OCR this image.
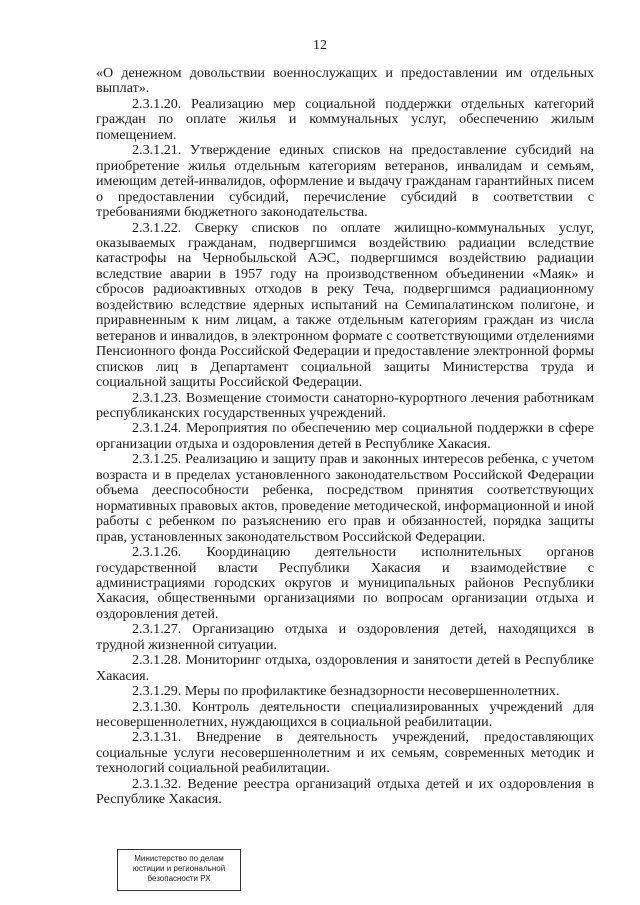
12

«О денежном довольствии военнослужащих и предоставлении им отдельных выплат».

2.3.1.20. Реализацию мер социальной поддержки отдельных категорий граждан по оплате жилья и коммунальных услуг, обеспечению жилым помещением.

2.3.1.21. Утверждение единых списков на предоставление субсидий на приобретение жилья отдельным категориям ветеранов, инвалидам и семьям, имеющим детей-инвалидов, оформление и выдачу гражданам гарантийных писем о предоставлении субсидий, перечисление субсидий в соответствии с требованиями бюджетного законодательства.

2.3.1.22. Сверку списков по оплате жилищно-коммунальных услуг, оказываемых гражданам, подвергшимся воздействию радиации вследствие катастрофы на Чернобыльской АЭС, подвергшимся воздействию радиации вследствие аварии в 1957 году на производственном объединении «Маяк» и сбросов радиоактивных отходов в реку Теча, подвергшимся радиационному воздействию вследствие ядерных испытаний на Семипалатинском полигоне, и приравненным к ним лицам, а также отдельным категориям граждан из числа ветеранов и инвалидов, в электронном формате с соответствующими отделениями Пенсионного фонда Российской Федерации и предоставление электронной формы списков лиц в Департамент социальной защиты Министерства труда и социальной защиты Российской Федерации.

2.3.1.23. Возмещение стоимости санаторно-курортного лечения работникам республиканских государственных учреждений.

2.3.1.24. Мероприятия по обеспечению мер социальной поддержки в сфере организации отдыха и оздоровления детей в Республике Хакасия.

2.3.1.25. Реализацию и защиту прав и законных интересов ребенка, с учетом возраста и в пределах установленного законодательством Российской Федерации объема дееспособности ребенка, посредством принятия соответствующих нормативных правовых актов, проведение методической, информационной и иной работы с ребенком по разъяснению его прав и обязанностей, порядка защиты прав, установленных законодательством Российской Федерации.

2.3.1.26. Координацию деятельности исполнительных органов государственной власти Республики Хакасия и взаимодействие с администрациями городских округов и муниципальных районов Республики Хакасия, общественными организациями по вопросам организации отдыха и оздоровления детей.

2.3.1.27. Организацию отдыха и оздоровления детей, находящихся в трудной жизненной ситуации.

2.3.1.28. Мониторинг отдыха, оздоровления и занятости детей в Республике Хакасия.

2.3.1.29. Меры по профилактике безнадзорности несовершеннолетних.

2.3.1.30. Контроль деятельности специализированных учреждений для несовершеннолетних, нуждающихся в социальной реабилитации.

2.3.1.31. Внедрение в деятельность учреждений, предоставляющих социальные услуги несовершеннолетним и их семьям, современных методик и технологий социальной реабилитации.

2.3.1.32. Ведение реестра организаций отдыха детей и их оздоровления в Республике Хакасия.

Министерство по делам
юстиции и региональной
безопасности РХ
